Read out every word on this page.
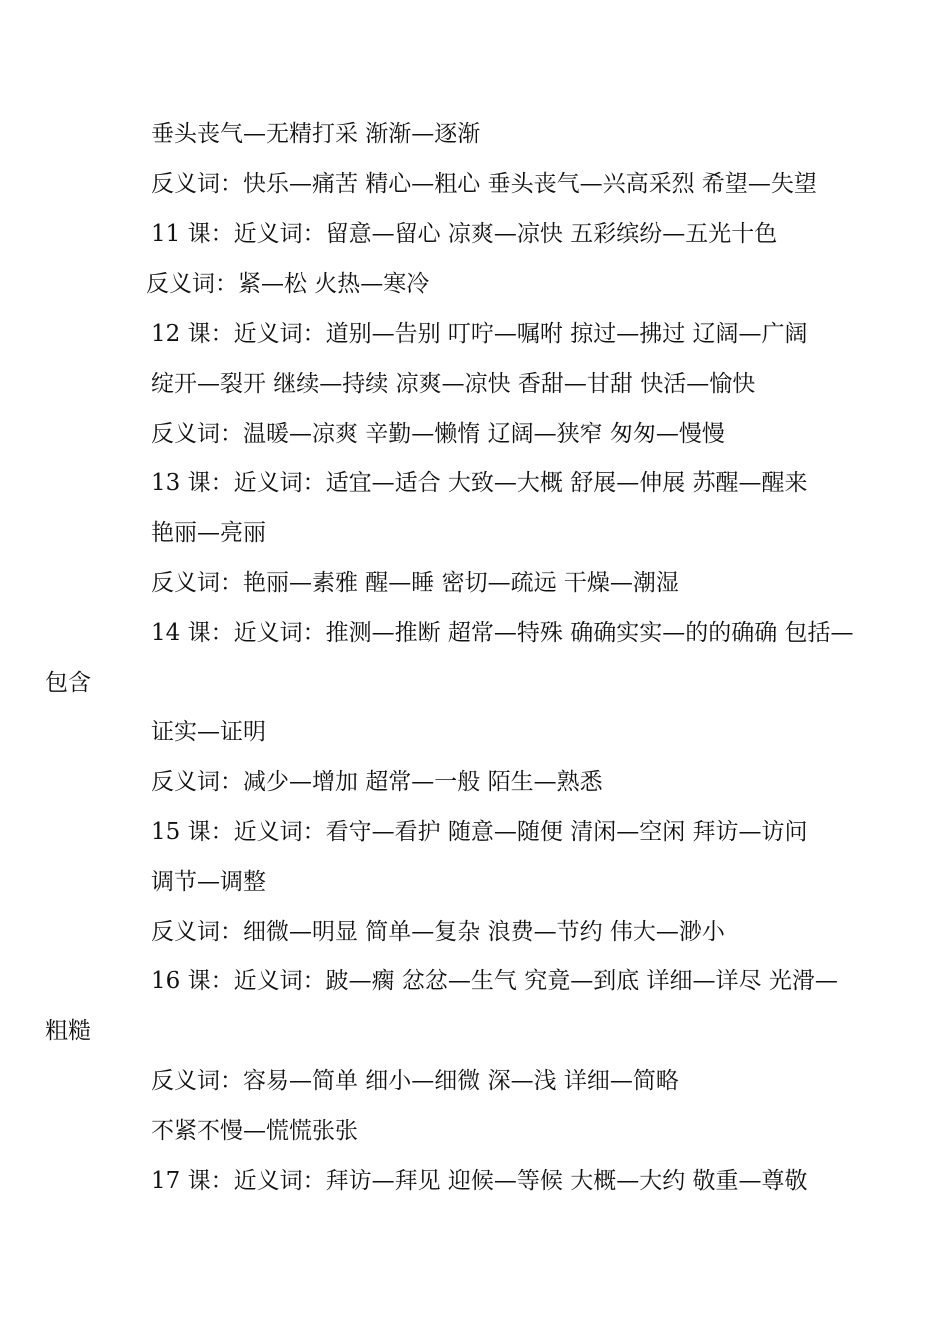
垂头丧气—无精打采 渐渐—逐渐
反义词：快乐—痛苦 精心—粗心 垂头丧气—兴高采烈 希望—失望
11 课：近义词：留意—留心 凉爽—凉快 五彩缤纷—五光十色
反义词：紧—松 火热—寒冷
12 课：近义词：道别—告别 叮咛—嘱咐 掠过—拂过 辽阔—广阔
绽开—裂开 继续—持续 凉爽—凉快 香甜—甘甜 快活—愉快
反义词：温暖—凉爽 辛勤—懒惰 辽阔—狭窄 匆匆—慢慢
13 课：近义词：适宜—适合 大致—大概 舒展—伸展 苏醒—醒来
艳丽—亮丽
反义词：艳丽—素雅 醒—睡 密切—疏远 干燥—潮湿
14 课：近义词：推测—推断 超常—特殊 确确实实—的的确确 包括—
包含
证实—证明
反义词：减少—增加 超常—一般 陌生—熟悉
15 课：近义词：看守—看护 随意—随便 清闲—空闲 拜访—访问
调节—调整
反义词：细微—明显 简单—复杂 浪费—节约 伟大—渺小
16 课：近义词：跛—瘸 忿忿—生气 究竟—到底 详细—详尽 光滑—
粗糙
反义词：容易—简单 细小—细微 深—浅 详细—简略
不紧不慢—慌慌张张
17 课：近义词：拜访—拜见 迎候—等候 大概—大约 敬重—尊敬
